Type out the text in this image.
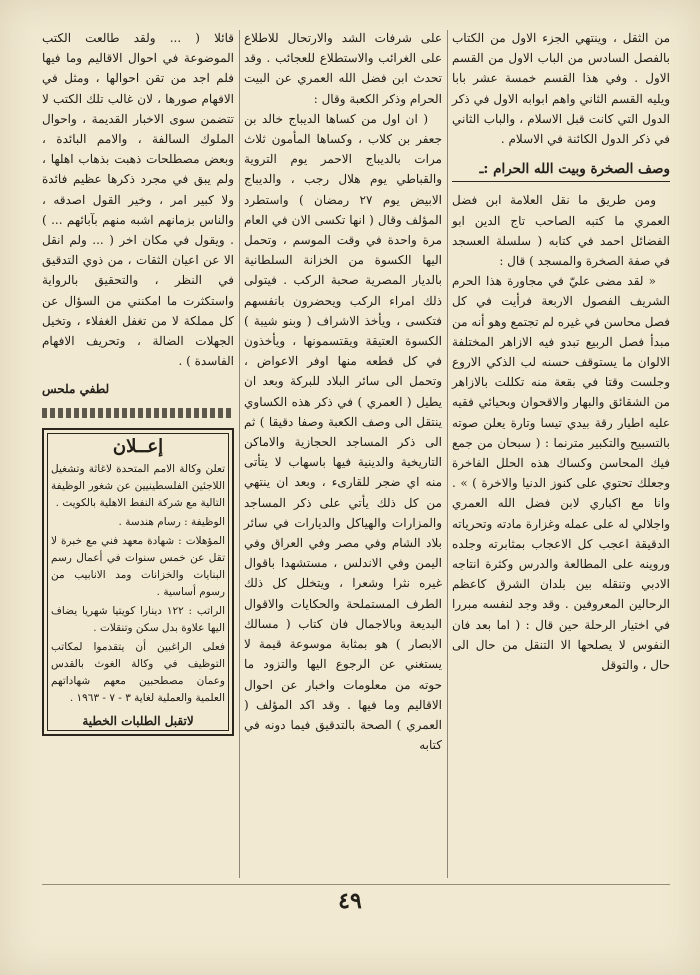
من الثقل ، وينتهي الجزء الاول من الكتاب بالفصل السادس من الباب الاول من القسم الاول . وفي هذا القسم خمسة عشر بابا ويليه القسم الثاني واهم ابوابه الاول في ذكر الدول التي كانت قبل الاسلام ، والباب الثاني في ذكر الدول الكائنة في الاسلام .

وصف الصخرة وبيت الله الحرام :ـ

ومن طريق ما نقل العلامة ابن فضل العمري ما كتبه الصاحب تاج الدين ابو الفضائل احمد في كتابه ( سلسلة العسجد في صفة الصخرة والمسجد ) قال :

« لقد مضى عليّ في مجاورة هذا الحرم الشريف الفصول الاربعة فرأيت في كل فصل محاسن في غيره لم تجتمع وهو أنه من مبدأ فصل الربيع تبدو فيه الازاهر المختلفة الالوان ما يستوقف حسنه لب الذكي الاروع وجلست وقتا في بقعة منه تكللت بالازاهر من الشقائق والبهار والاقحوان وبحيائي فقيه عليه اطيار رقة بيدي تيسا وتارة يعلن صوته بالتسبيح والتكبير مترنما : ( سبحان من جمع فيك المحاسن وكساك هذه الحلل الفاخرة وجعلك تحتوي على كنوز الدنيا والاخرة ) » . وانا مع اكباري لابن فضل الله العمري واجلالي له على عمله وغزارة مادته وتحرياته الدقيقة اعجب كل الاعجاب بمثابرته وجلده وروينه على المطالعة والدرس وكثرة انتاجه الادبي وتنقله بين بلدان الشرق كاعظم الرحالين المعروفين . وقد وجد لنفسه مبررا في اختيار الرحلة حين قال : ( اما بعد فان النفوس لا يصلحها الا التنقل من حال الى حال ، والتوقل

على شرفات الشد والارتحال للاطلاع على الغرائب والاستطلاع للعجائب . وقد تحدث ابن فضل الله العمري عن البيت الحرام وذكر الكعبة وقال :

( ان اول من كساها الديباج خالد بن جعفر بن كلاب ، وكساها المأمون ثلاث مرات بالديباج الاحمر يوم التروية والقباطي يوم هلال رجب ، والديباج الابيض يوم ٢٧ رمضان ) واستطرد المؤلف وقال ( انها تكسى الان في العام مرة واحدة في وقت الموسم ، وتحمل اليها الكسوة من الخزانة السلطانية بالديار المصرية صحبة الركب . فيتولى ذلك امراء الركب ويحضرون بانفسهم فتكسى ، ويأخذ الاشراف ( وبنو شيبة ) الكسوة العتيقة ويقتسمونها ، ويأخذون في كل قطعه منها اوفر الاعواض ، وتحمل الى سائر البلاد للبركة وبعد ان يطيل ( العمري ) في ذكر هذه الكساوي ينتقل الى وصف الكعبة وصفا دقيقا ) ثم الى ذكر المساجد الحجازية والاماكن التاريخية والدينية فيها باسهاب لا يتأتى منه اي ضجر للقارىء ، وبعد ان ينتهي من كل ذلك يأتي على ذكر المساجد والمزارات والهياكل والديارات في سائر بلاد الشام وفي مصر وفي العراق وفي اليمن وفي الاندلس ، مستشهدا باقوال غيره نثرا وشعرا ، ويتخلل كل ذلك الطرف المستملحة والحكايات والاقوال البديعة وبالاجمال فان كتاب ( مسالك الابصار ) هو بمثابة موسوعة قيمة لا يستغني عن الرجوع اليها والتزود ما حوته من معلومات واخبار عن احوال الاقاليم وما فيها . وقد اكد المؤلف ( العمري ) الصحة بالتدقيق فيما دونه في كتابه

قائلا ( ... ولقد طالعت الكتب الموضوعة في احوال الاقاليم وما فيها فلم اجد من تقن احوالها ، ومثل في الافهام صورها ، لان غالب تلك الكتب لا تتضمن سوى الاخبار القديمة ، واحوال الملوك السالفة ، والامم البائدة ، وبعض مصطلحات ذهبت بذهاب اهلها ، ولم يبق في مجرد ذكرها عظيم فائدة ولا كبير امر ، وخير القول اصدقه ، والناس بزمانهم اشبه منهم بآبائهم ... ) . ويقول في مكان اخر ( ... ولم انقل الا عن اعيان الثقات ، من ذوي التدقيق في النظر ، والتحقيق بالرواية واستكثرت ما امكنني من السؤال عن كل مملكة لا من تغفل الغفلاء ، وتخيل الجهلات الضالة ، وتحريف الافهام الفاسدة ) .

لطفي ملحس
إعــلان

تعلن وكالة الامم المتحدة لاغاثة وتشغيل اللاجئين الفلسطينيين عن شغور الوظيفة التالية مع شركة النفط الاهلية بالكويت .

الوظيفة : رسام هندسة .

المؤهلات : شهادة معهد فني مع خبرة لا تقل عن خمس سنوات في أعمال رسم البنايات والخزانات ومد الانابيب من رسوم أساسية .

الراتب : ١٢٢ دينارا كويتيا شهريا يضاف اليها علاوة بدل سكن وتنقلات .

فعلى الراغبين أن يتقدموا لمكاتب التوظيف في وكالة الغوث بالقدس وعمان مصطحبين معهم شهاداتهم العلمية والعملية لغاية ٣ - ٧ - ١٩٦٣ .

لاتقبل الطلبات الخطية
٤٩
